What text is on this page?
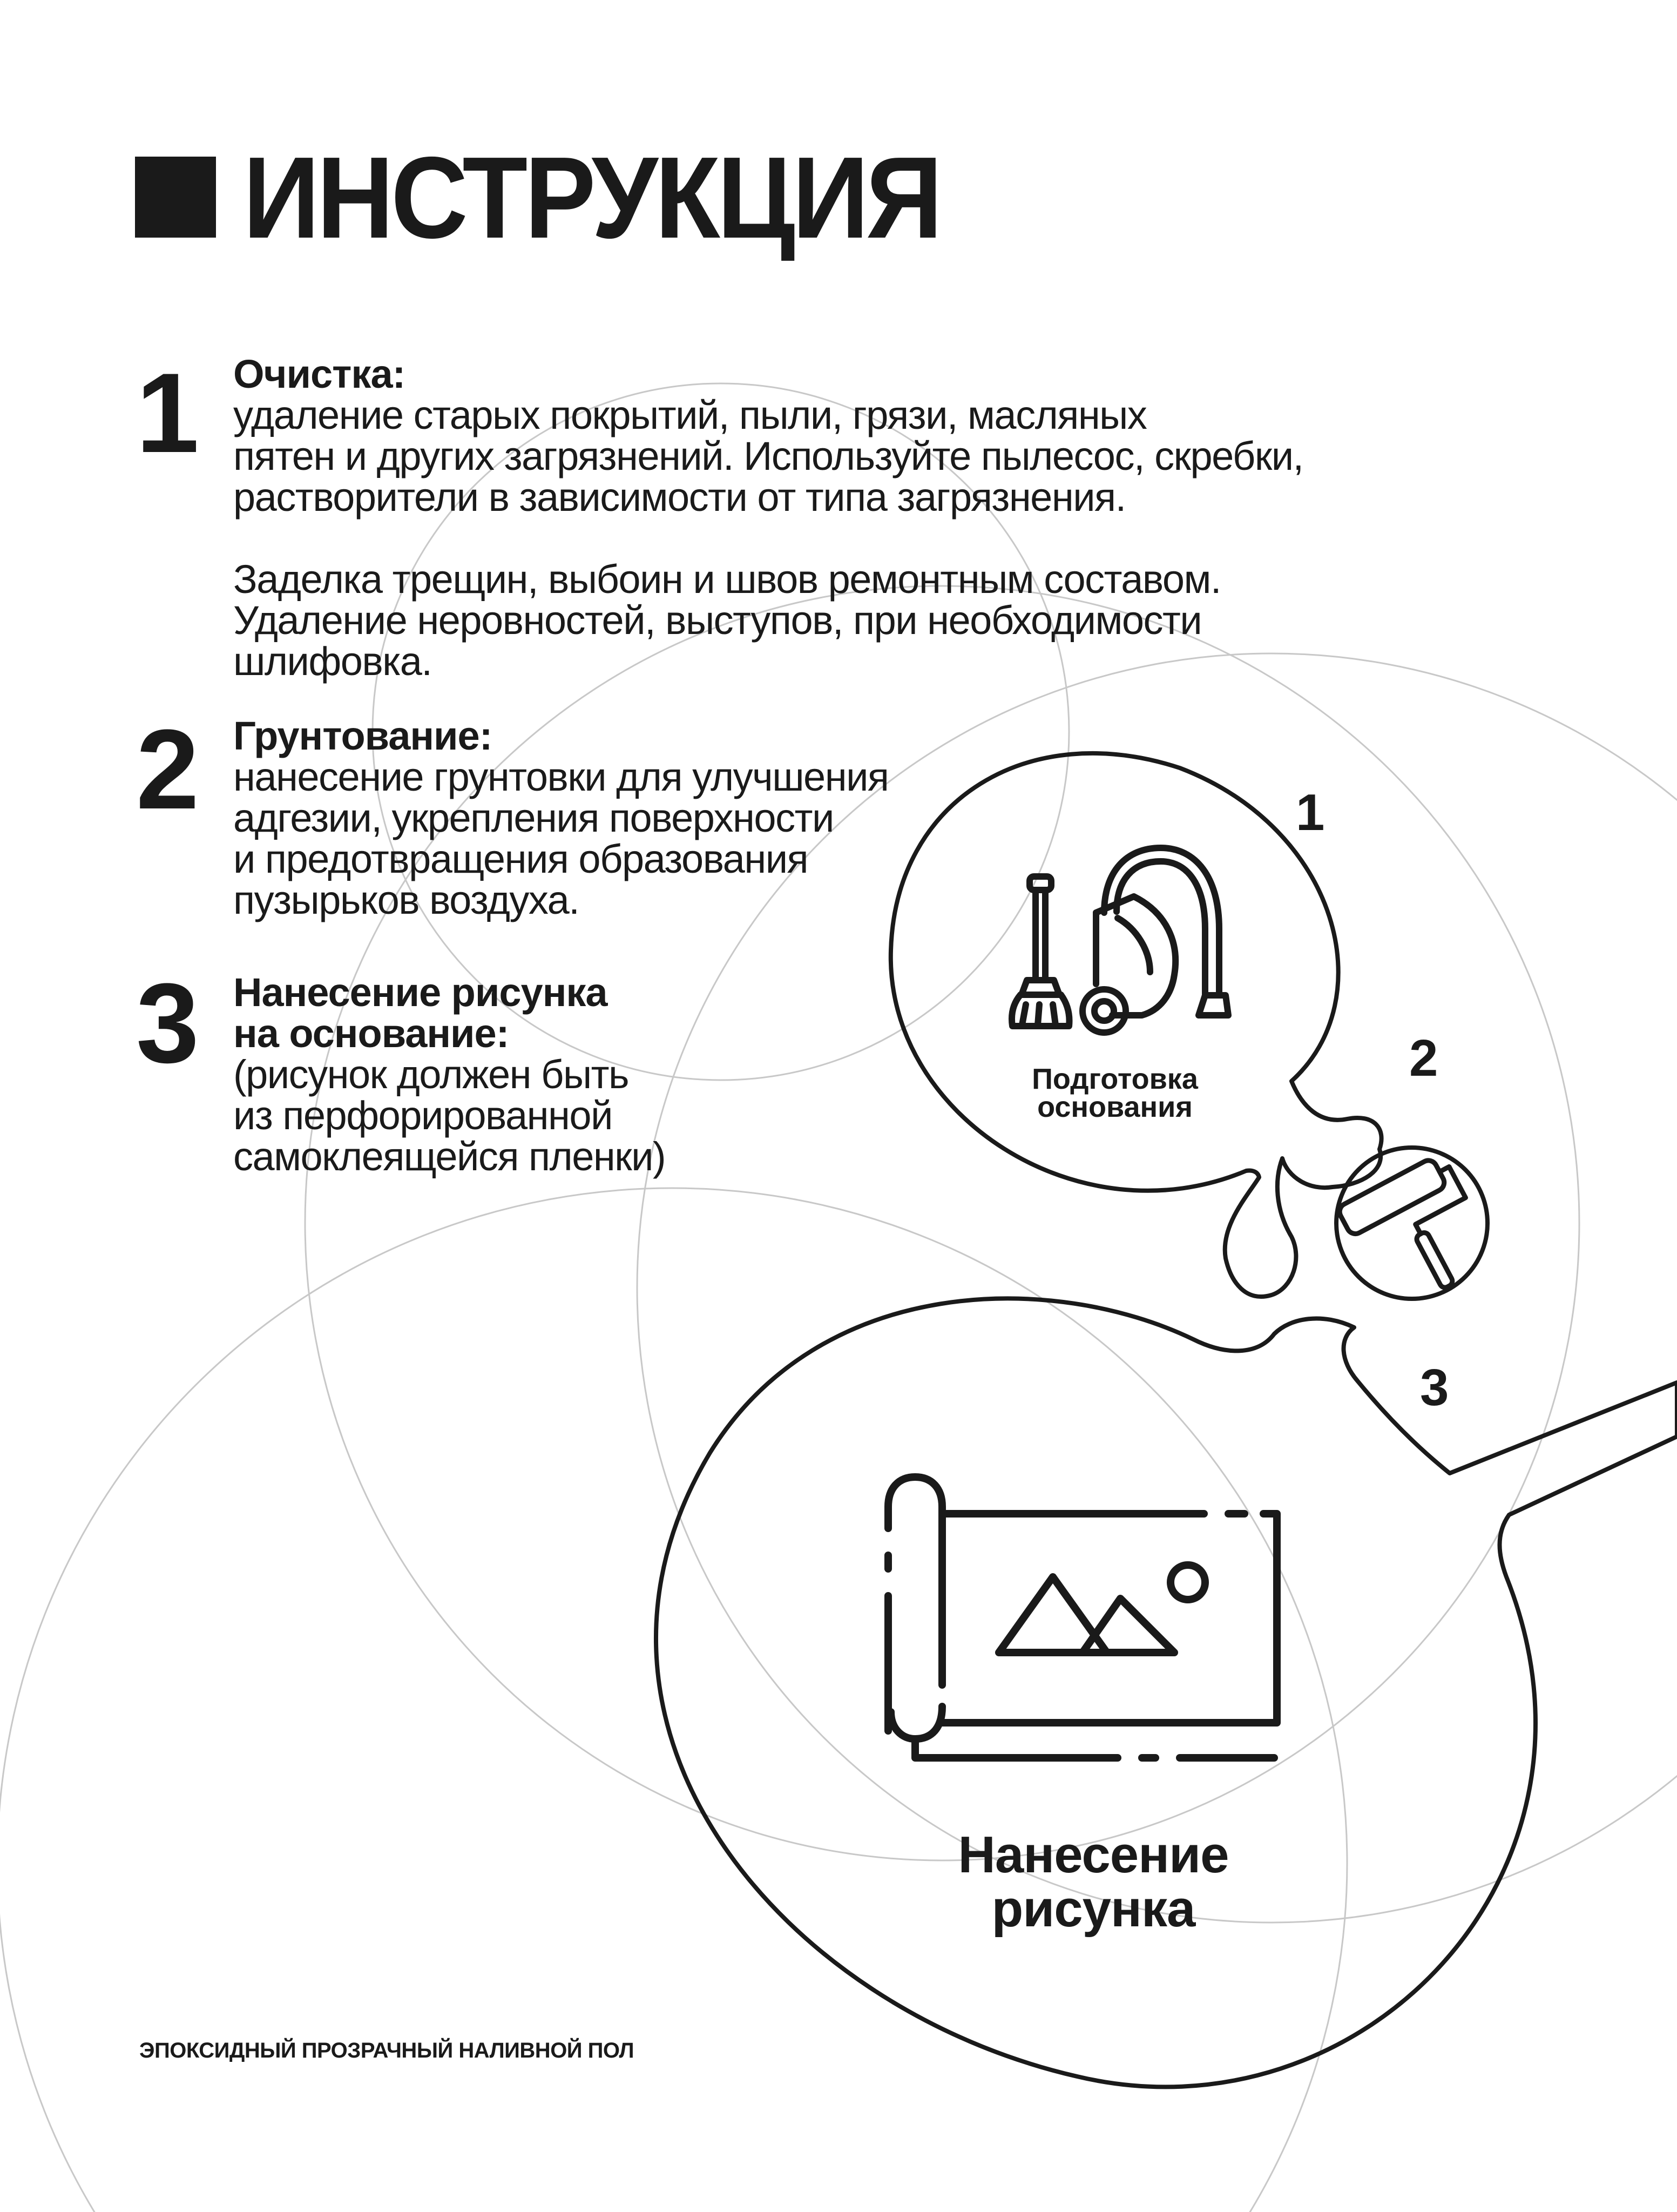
ИНСТРУКЦИЯ
1 Очистка:
удаление старых покрытий, пыли, грязи, масляных
пятен и других загрязнений. Используйте пылесос, скребки,
растворители в зависимости от типа загрязнения.
Заделка трещин, выбоин и швов ремонтным составом.
Удаление неровностей, выступов, при необходимости
шлифовка.
2 Грунтование:
нанесение грунтовки для улучшения
адгезии, укрепления поверхности
и предотвращения образования
пузырьков воздуха.
3 Нанесение рисунка
на основание:
(рисунок должен быть
из перфорированной
самоклеящейся пленки)
1
2
3
Подготовка
основания
Нанесение
рисунка
ЭПОКСИДНЫЙ ПРОЗРАЧНЫЙ НАЛИВНОЙ ПОЛ
